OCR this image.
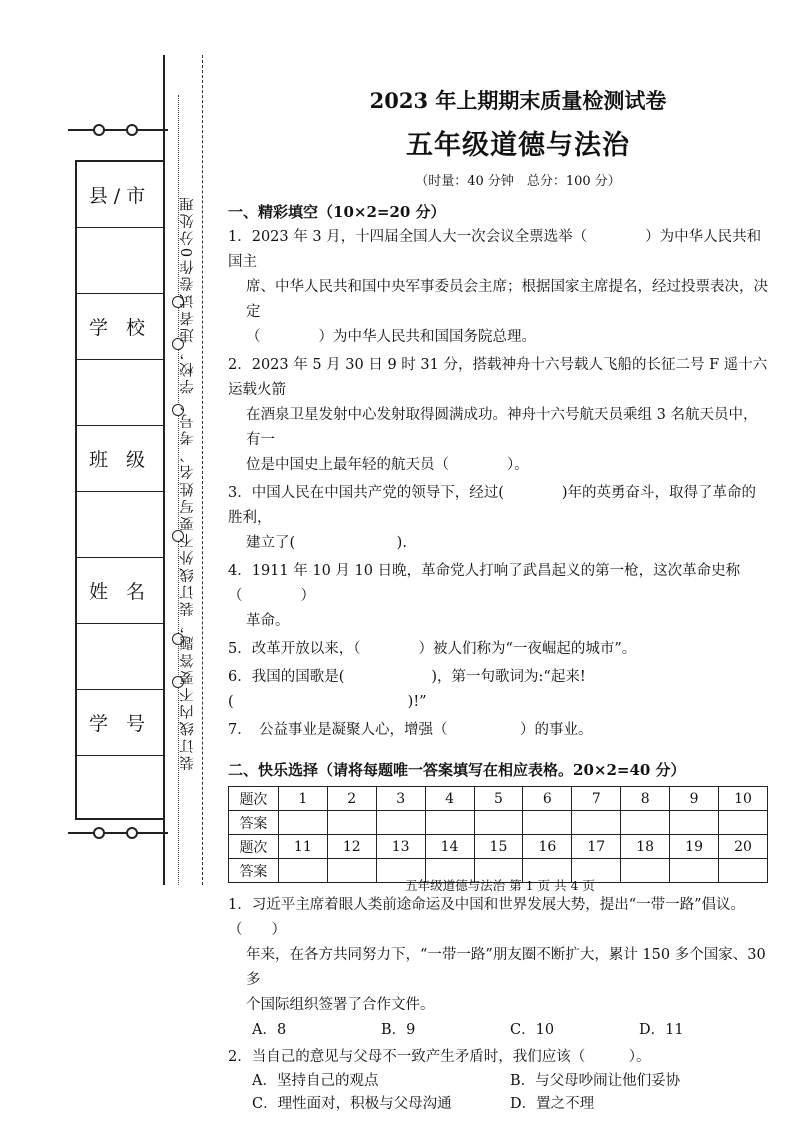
县/市
学 校
班 级
姓 名
学 号	装订线内不要答题，装订线外不要写姓名、考号、学校，违者试卷作0分处理
2023 年上期期末质量检测试卷
五年级道德与法治
（时量：40 分钟　总分：100 分）
一、精彩填空（10×2=20 分）
1．2023 年 3 月，十四届全国人大一次会议全票选举（　　　　）为中华人民共和国主
席、中华人民共和国中央军事委员会主席；根据国家主席提名，经过投票表决，决定
（　　　　）为中华人民共和国国务院总理。
2．2023 年 5 月 30 日 9 时 31 分，搭载神舟十六号载人飞船的长征二号 F 遥十六运载火箭
在酒泉卫星发射中心发射取得圆满成功。神舟十六号航天员乘组 3 名航天员中，有一
位是中国史上最年轻的航天员（　　　　）。
3．中国人民在中国共产党的领导下，经过(　　　　)年的英勇奋斗，取得了革命的胜利，
建立了(　　　　　　　).
4．1911 年 10 月 10 日晚，革命党人打响了武昌起义的第一枪，这次革命史称（　　　　）
革命。
5．改革开放以来，（　　　　）被人们称为“一夜崛起的城市”。
6．我国的国歌是(　　　　　　)，第一句歌词为:“起来!(　　　　　　　　　　　　)!”
7．　公益事业是凝聚人心，增强（　　　　　）的事业。
二、快乐选择（请将每题唯一答案填写在相应表格。20×2=40 分）
题次	1	2	3	4	5	6	7	8	9	10
答案										
题次	11	12	13	14	15	16	17	18	19	20
答案										
1．习近平主席着眼人类前途命运及中国和世界发展大势，提出“一带一路”倡议。（　　）
年来，在各方共同努力下，“一带一路”朋友圈不断扩大，累计 150 多个国家、30 多
个国际组织签署了合作文件。
A．8	B．9	C．10	D．11
2．当自己的意见与父母不一致产生矛盾时，我们应该（　　　）。
A．坚持自己的观点	B．与父母吵闹让他们妥协
C．理性面对，积极与父母沟通	D．置之不理
五年级道德与法治 第 1 页 共 4 页
